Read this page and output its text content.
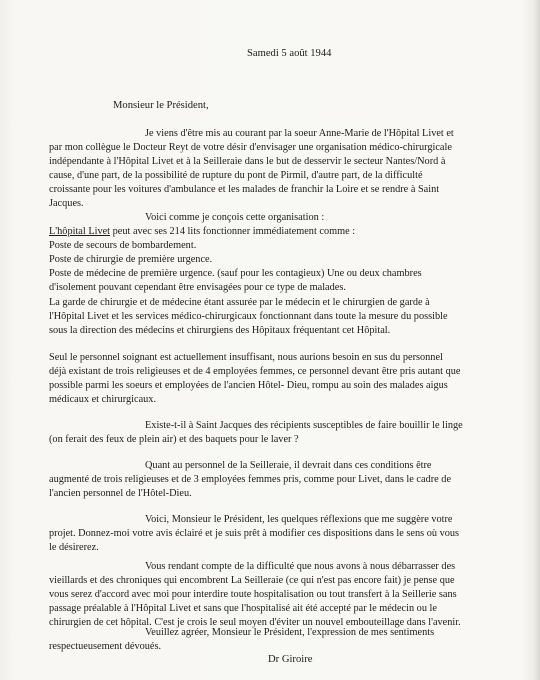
Samedi 5 août 1944
Monsieur le Président,
Je viens d'être mis au courant par la soeur Anne-Marie de l'Hôpital Livet et
par mon collègue le Docteur Reyt de votre désir d'envisager une organisation médico-chirurgicale
indépendante à l'Hôpital Livet et à la Seilleraie dans le but de desservir le secteur Nantes/Nord à
cause, d'une part, de la possibilité de rupture du pont de Pirmil, d'autre part, de la difficulté
croissante pour les voitures d'ambulance et les malades de franchir la Loire et se rendre à Saint
Jacques.
Voici comme je conçois cette organisation :
L'hôpital Livet peut avec ses 214 lits fonctionner immédiatement comme :
Poste de secours de bombardement.
Poste de chirurgie de première urgence.
Poste de médecine de première urgence. (sauf pour les contagieux) Une ou deux chambres
d'isolement pouvant cependant être envisagées pour ce type de malades.
La garde de chirurgie et de médecine étant assurée par le médecin et le chirurgien de garde à
l'Hôpital Livet et les services médico-chirurgicaux fonctionnant dans toute la mesure du possible
sous la direction des médecins et chirurgiens des Hôpitaux fréquentant cet Hôpital.
Seul le personnel soignant est actuellement insuffisant, nous aurions besoin en sus du personnel
déjà existant de trois religieuses et de 4 employées femmes, ce personnel devant être pris autant que
possible parmi les soeurs et employées de l'ancien Hôtel- Dieu, rompu au soin des malades aigus
médicaux et chirurgicaux.
Existe-t-il à Saint Jacques des récipients susceptibles de faire bouillir le linge
(on ferait des feux de plein air) et des baquets pour le laver ?
Quant au personnel de la Seilleraie, il devrait dans ces conditions être
augmenté de trois religieuses et de 3 employées femmes pris, comme pour Livet, dans le cadre de
l'ancien personnel de l'Hôtel-Dieu.
Voici, Monsieur le Président, les quelques réflexions que me suggère votre
projet. Donnez-moi votre avis éclairé et je suis prêt à modifier ces dispositions dans le sens où vous
le désirerez.
Vous rendant compte de la difficulté que nous avons à nous débarrasser des
vieillards et des chroniques qui encombrent La Seilleraie (ce qui n'est pas encore fait) je pense que
vous serez d'accord avec moi pour interdire toute hospitalisation ou tout transfert à la Seillerie sans
passage préalable à l'Hôpital Livet et sans que l'hospitalisé ait été accepté par le médecin ou le
chirurgien de cet hôpital. C'est je crois le seul moyen d'éviter un nouvel embouteillage dans l'avenir.
Veuillez agréer, Monsieur le Président, l'expression de mes sentiments
respectueusement dévoués.
Dr Giroire
